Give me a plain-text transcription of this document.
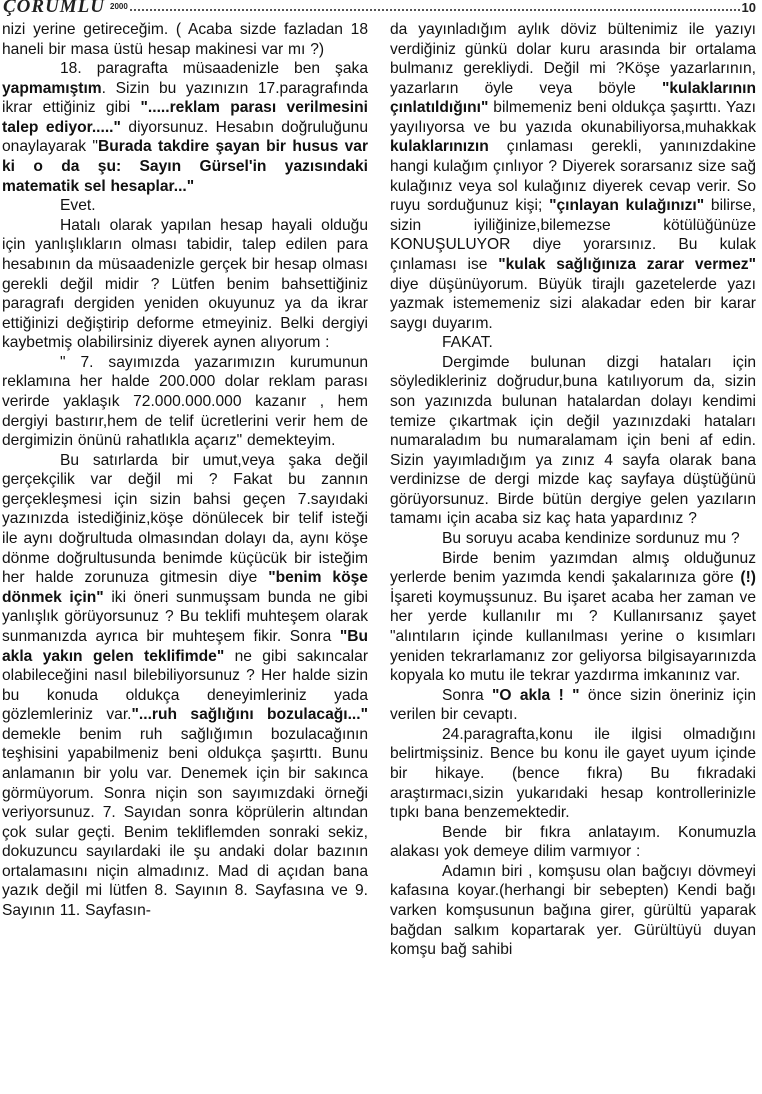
ÇORUMLU 2000	10

nizi yerine getireceğim. ( Acaba sizde fazladan 18 haneli bir masa üstü hesap makinesi var mı ?)

18. paragrafta müsaadenizle ben şaka yapmamıştım. Sizin bu yazınızın 17.paragrafında ikrar ettiğiniz gibi ".....reklam parası verilmesini talep ediyor....." diyorsunuz. Hesabın doğruluğunu onaylayarak "Burada takdire şayan bir husus var ki o da şu: Sayın Gürsel'in yazısındaki matematik sel hesaplar..."

Evet.

Hatalı olarak yapılan hesap hayali olduğu için yanlışlıkların olması tabidir, talep edilen para hesabının da müsaadenizle gerçek bir hesap olması gerekli değil midir ? Lütfen benim bahsettiğiniz paragrafı dergiden yeniden okuyunuz ya da ikrar ettiğinizi değiştirip deforme etmeyiniz. Belki dergiyi kaybetmiş olabilirsiniz diyerek aynen alıyorum :

" 7. sayımızda yazarımızın kurumunun reklamına her halde 200.000 dolar reklam parası verirde yaklaşık 72.000.000.000 kazanır , hem dergiyi bastırır,hem de telif ücretlerini verir hem de dergimizin önünü rahatlıkla açarız" demekteyim.

Bu satırlarda bir umut,veya şaka değil gerçekçilik var değil mi ? Fakat bu zannın gerçekleşmesi için sizin bahsi geçen 7.sayıdaki yazınızda istediğiniz,köşe dönülecek bir telif isteği ile aynı doğrultuda olmasından dolayı da, aynı köşe dönme doğrultusunda benimde küçücük bir isteğim her halde zorunuza gitmesin diye "benim köşe dönmek için" iki öneri sunmuşsam bunda ne gibi yanlışlık görüyorsunuz ? Bu teklifi muhteşem olarak sunmanızda ayrıca bir muhteşem fikir. Sonra "Bu akla yakın gelen teklifimde" ne gibi sakıncalar olabileceğini nasıl bilebiliyorsunuz ? Her halde sizin bu konuda oldukça deneyimleriniz yada gözlemleriniz var."...ruh sağlığını bozulacağı..." demekle benim ruh sağlığımın bozulacağının teşhisini yapabilmeniz beni oldukça şaşırttı. Bunu anlamanın bir yolu var. Denemek için bir sakınca görmüyorum. Sonra niçin son sayımızdaki örneği veriyorsunuz. 7. Sayıdan sonra köprülerin altından çok sular geçti. Benim tekliflemden sonraki sekiz, dokuzuncu sayılardaki ile şu andaki dolar bazının ortalamasını niçin almadınız. Mad di açıdan bana yazık değil mi lütfen 8. Sayının 8. Sayfasına ve 9. Sayının 11. Sayfasın-

da yayınladığım aylık döviz bültenimiz ile yazıyı verdiğiniz günkü dolar kuru arasında bir ortalama bulmanız gerekliydi. Değil mi ?Köşe yazarlarının, yazarların öyle veya böyle "kulaklarının çınlatıldığını" bilmemeniz beni oldukça şaşırttı. Yazı yayılıyorsa ve bu yazıda okunabiliyorsa,muhakkak kulaklarınızın çınlaması gerekli, yanınızdakine hangi kulağım çınlıyor ? Diyerek sorarsanız size sağ kulağınız veya sol kulağınız diyerek cevap verir. So ruyu sorduğunuz kişi; "çınlayan kulağınızı" bilirse, sizin iyiliğinize,bilemezse kötülüğünüze KONUŞULUYOR diye yorarsınız. Bu kulak çınlaması ise "kulak sağlığınıza zarar vermez" diye düşünüyorum. Büyük tirajlı gazetelerde yazı yazmak istememeniz sizi alakadar eden bir karar saygı duyarım.

FAKAT.

Dergimde bulunan dizgi hataları için söyledikleriniz doğrudur,buna katılıyorum da, sizin son yazınızda bulunan hatalardan dolayı kendimi temize çıkartmak için değil yazınızdaki hataları numaraladım bu numaralamam için beni af edin. Sizin yayımladığım ya zınız 4 sayfa olarak bana verdinizse de dergi mizde kaç sayfaya düştüğünü görüyorsunuz. Birde bütün dergiye gelen yazıların tamamı için acaba siz kaç hata yapardınız ?

Bu soruyu acaba kendinize sordunuz mu ?

Birde benim yazımdan almış olduğunuz yerlerde benim yazımda kendi şakalarınıza göre (!) İşareti koymuşsunuz. Bu işaret acaba her zaman ve her yerde kullanılır mı ? Kullanırsanız şayet "alıntıların içinde kullanılması yerine o kısımları yeniden tekrarlamanız zor geliyorsa bilgisayarınızda kopyala ko mutu ile tekrar yazdırma imkanınız var.

Sonra "O akla ! " önce sizin öneriniz için verilen bir cevaptı.

24.paragrafta,konu ile ilgisi olmadığını belirtmişsiniz. Bence bu konu ile gayet uyum içinde bir hikaye. (bence fıkra) Bu fıkradaki araştırmacı,sizin yukarıdaki hesap kontrollerinizle tıpkı bana benzemektedir.

Bende bir fıkra anlatayım. Konumuzla alakası yok demeye dilim varmıyor :

Adamın biri , komşusu olan bağcıyı dövmeyi kafasına koyar.(herhangi bir sebepten) Kendi bağı varken komşusunun bağına girer, gürültü yaparak bağdan salkım kopartarak yer. Gürültüyü duyan komşu bağ sahibi
